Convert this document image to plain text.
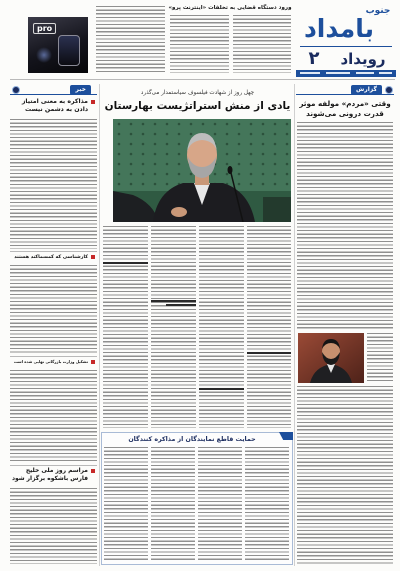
جنوب
بامداد
رویداد
۲
ورود دستگاه قضایی به تخلفات «اینترنت پرو»
pro
خبر
مذاکره به معنی امتیاز دادن به دشمن نیست
کارشناسی که کمسماکند هستند
تشکیل وزارت بازرگانی نهایی شده است
مراسم روز ملی خلیج فارس باشکوه برگزار شود
چهل روز از شهادت فیلسوف سیاستمدار می‌گذرد
یادی از منش استراتژیست بهارستان
حمایت قاطع نمایندگان از مذاکره کنندگان
گزارش
وقتی «مردم» مولفه موثر قدرت درونی می‌شوند
